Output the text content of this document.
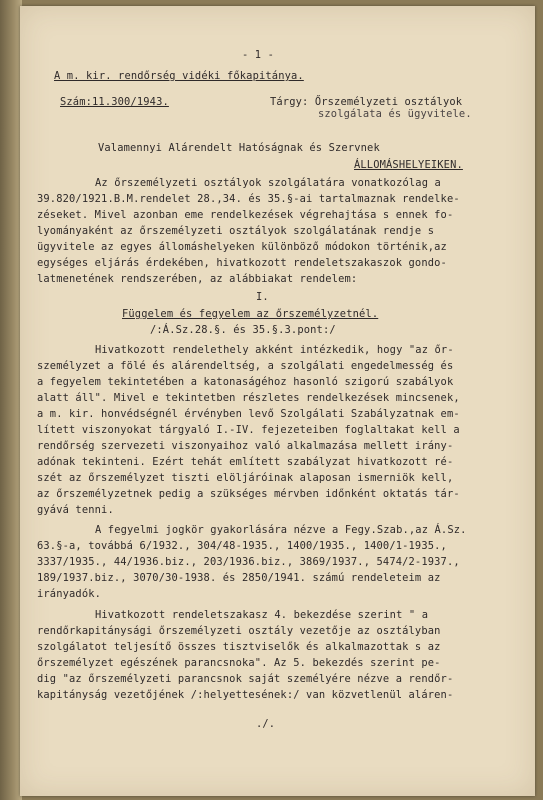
- 1 -
A m. kir. rendőrség vidéki főkapitánya.
Szám:11.300/1943.	Tárgy: Őrszemélyzeti osztályok
szolgálata és ügyvitele.
Valamennyi Alárendelt Hatóságnak és Szervnek
ÁLLOMÁSHELYEIKEN.
Az őrszemélyzeti osztályok szolgálatára vonatkozólag a
39.820/1921.B.M.rendelet 28.,34. és 35.§-ai tartalmaznak rendelke-
zéseket. Mivel azonban eme rendelkezések végrehajtása s ennek fo-
lyományaként az őrszemélyzeti osztályok szolgálatának rendje s
ügyvitele az egyes állomáshelyeken különböző módokon történik,az
egységes eljárás érdekében, hivatkozott rendeletszakaszok gondo-
latmenetének rendszerében, az alábbiakat rendelem:
I.
Függelem és fegyelem az őrszemélyzetnél.
/:Á.Sz.28.§. és 35.§.3.pont:/
Hivatkozott rendelethely akként intézkedik, hogy "az őr-
személyzet a fölé és alárendeltség, a szolgálati engedelmesség és
a fegyelem tekintetében a katonaságéhoz hasonló szigorú szabályok
alatt áll". Mivel e tekintetben részletes rendelkezések mincsenek,
a m. kir. honvédségnél érvényben levő Szolgálati Szabályzatnak em-
lített viszonyokat tárgyaló I.-IV. fejezeteiben foglaltakat kell a
rendőrség szervezeti viszonyaihoz való alkalmazása mellett irány-
adónak tekinteni. Ezért tehát említett szabályzat hivatkozott ré-
szét az őrszemélyzet tiszti elöljáróinak alaposan ismerniök kell,
az őrszemélyzetnek pedig a szükséges mérvben időnként oktatás tár-
gyává tenni.
A fegyelmi jogkör gyakorlására nézve a Fegy.Szab.,az Á.Sz.
63.§-a, továbbá 6/1932., 304/48-1935., 1400/1935., 1400/1-1935.,
3337/1935., 44/1936.biz., 203/1936.biz., 3869/1937., 5474/2-1937.,
189/1937.biz., 3070/30-1938. és 2850/1941. számú rendeleteim az
irányadók.
Hivatkozott rendeletszakasz 4. bekezdése szerint " a
rendőrkapitánysági őrszemélyzeti osztály vezetője az osztályban
szolgálatot teljesítő összes tisztviselők és alkalmazottak s az
őrszemélyzet egészének parancsnoka". Az 5. bekezdés szerint pe-
dig "az őrszemélyzeti parancsnok saját személyére nézve a rendőr-
kapitányság vezetőjének /:helyettesének:/ van közvetlenül aláren-
./.
